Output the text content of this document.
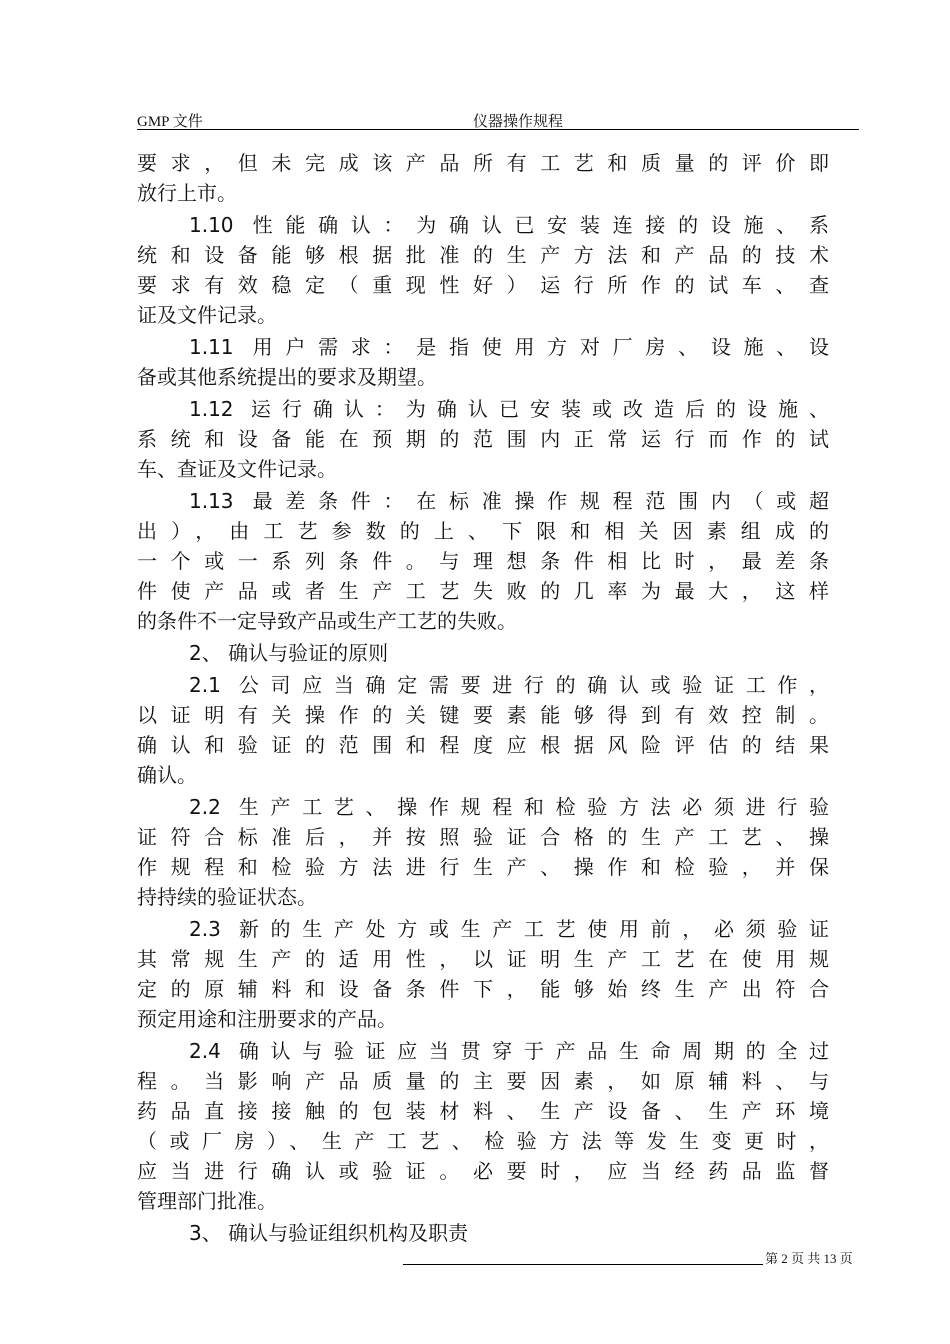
GMP 文件	仪器操作规程
要求，但未完成该产品所有工艺和质量的评价即
放行上市。
1.10 性能确认：为确认已安装连接的设施、系
统和设备能够根据批准的生产方法和产品的技术
要求有效稳定（重现性好）运行所作的试车、查
证及文件记录。
1.11 用户需求：是指使用方对厂房、设施、设
备或其他系统提出的要求及期望。
1.12 运行确认：为确认已安装或改造后的设施、
系统和设备能在预期的范围内正常运行而作的试
车、查证及文件记录。
1.13 最差条件：在标准操作规程范围内（或超
出），由工艺参数的上、下限和相关因素组成的
一个或一系列条件。与理想条件相比时，最差条
件使产品或者生产工艺失败的几率为最大，这样
的条件不一定导致产品或生产工艺的失败。
2、 确认与验证的原则
2.1 公司应当确定需要进行的确认或验证工作，
以证明有关操作的关键要素能够得到有效控制。
确认和验证的范围和程度应根据风险评估的结果
确认。
2.2 生产工艺、操作规程和检验方法必须进行验
证符合标准后，并按照验证合格的生产工艺、操
作规程和检验方法进行生产、操作和检验，并保
持持续的验证状态。
2.3 新的生产处方或生产工艺使用前，必须验证
其常规生产的适用性，以证明生产工艺在使用规
定的原辅料和设备条件下，能够始终生产出符合
预定用途和注册要求的产品。
2.4 确认与验证应当贯穿于产品生命周期的全过
程。当影响产品质量的主要因素，如原辅料、与
药品直接接触的包装材料、生产设备、生产环境
（或厂房）、生产工艺、检验方法等发生变更时，
应当进行确认或验证。必要时，应当经药品监督
管理部门批准。
3、 确认与验证组织机构及职责
第 2 页 共 13 页
